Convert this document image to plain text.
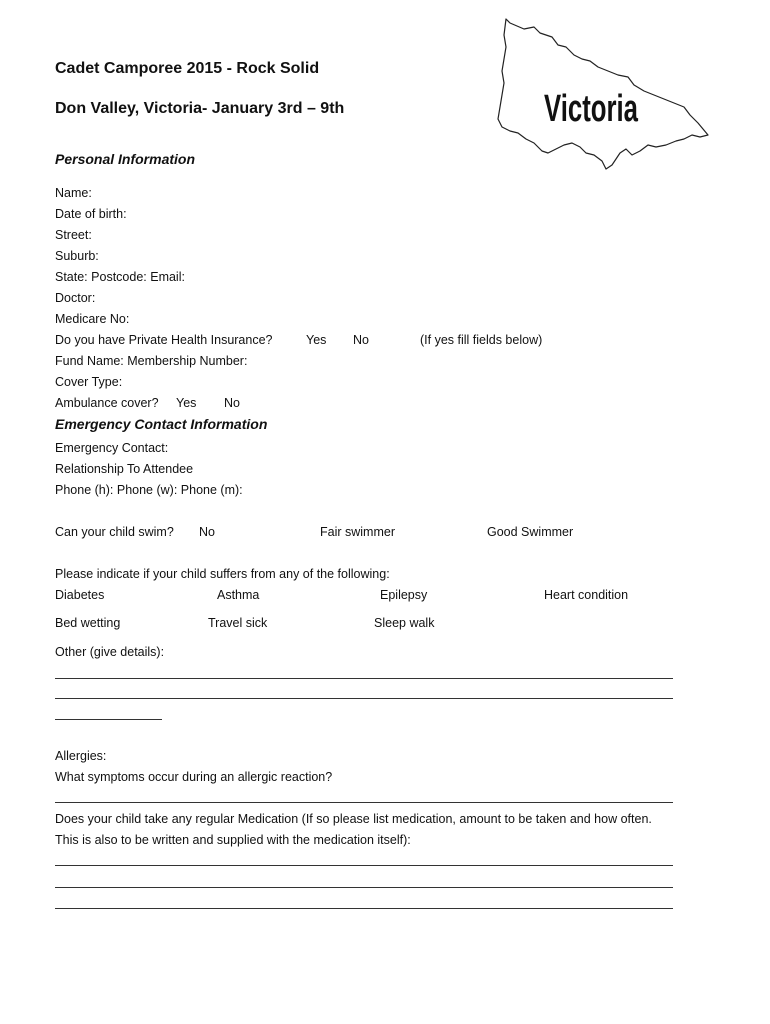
Cadet Camporee 2015 - Rock Solid
Don Valley, Victoria- January 3rd – 9th	Victoria
Personal Information
Name:
Date of birth:
Street:
Suburb:
State: Postcode: Email:
Doctor:
Medicare No:
Do you have Private Health Insurance?	Yes No	(If yes fill fields below)
Fund Name: Membership Number:
Cover Type:
Ambulance cover? Yes No
Emergency Contact Information
Emergency Contact:
Relationship To Attendee
Phone (h): Phone (w): Phone (m):
Can your child swim? No	Fair swimmer	Good Swimmer
Please indicate if your child suffers from any of the following:
Diabetes	Asthma	Epilepsy	Heart condition
Bed wetting	Travel sick	Sleep walk
Other (give details):
Allergies:
What symptoms occur during an allergic reaction?
Does your child take any regular Medication (If so please list medication, amount to be taken and how often.
This is also to be written and supplied with the medication itself):
